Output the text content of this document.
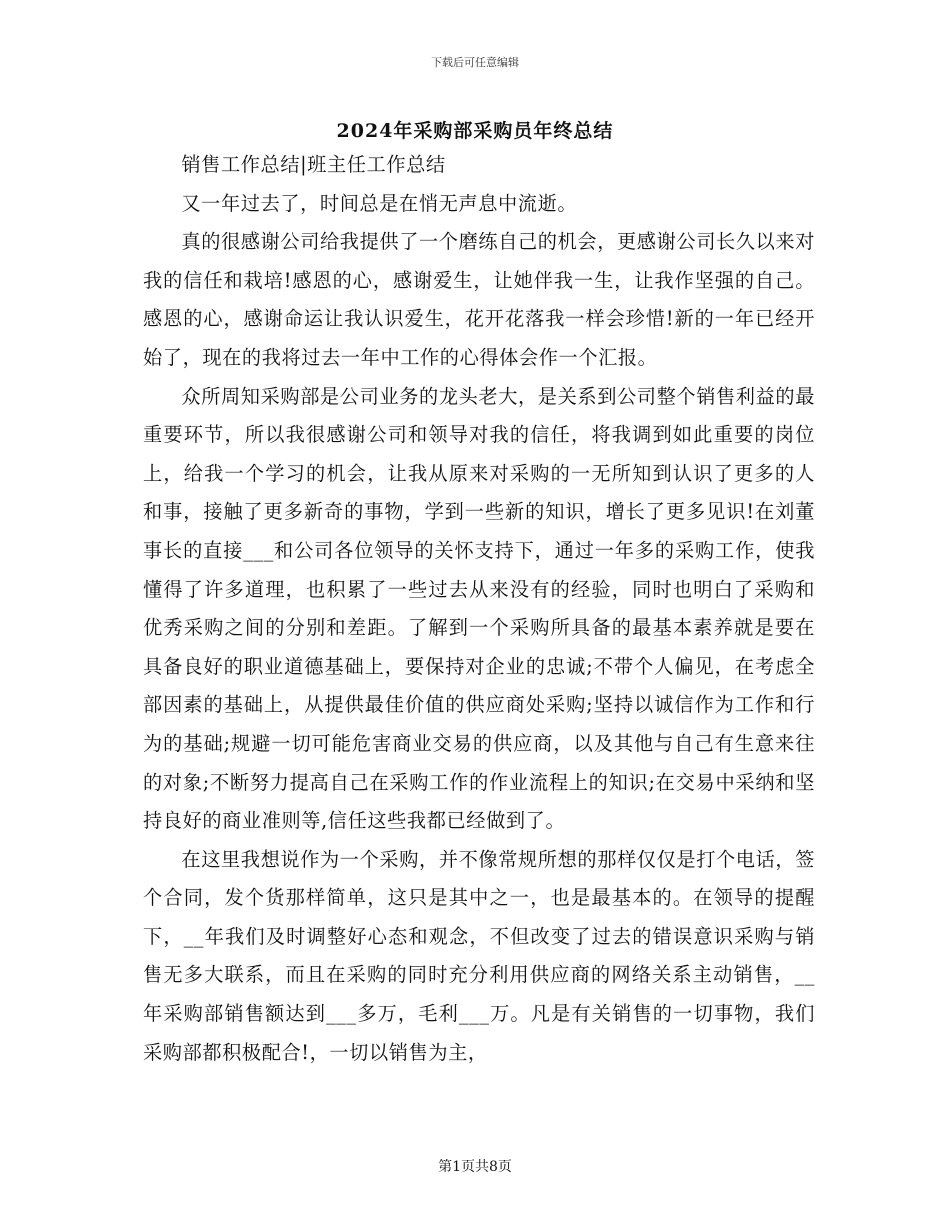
下载后可任意编辑
2024年采购部采购员年终总结

销售工作总结|班主任工作总结

又一年过去了，时间总是在悄无声息中流逝。

真的很感谢公司给我提供了一个磨练自己的机会，更感谢公司长久以来对我的信任和栽培!感恩的心，感谢爱生，让她伴我一生，让我作坚强的自己。感恩的心，感谢命运让我认识爱生，花开花落我一样会珍惜!新的一年已经开始了，现在的我将过去一年中工作的心得体会作一个汇报。

众所周知采购部是公司业务的龙头老大，是关系到公司整个销售利益的最重要环节，所以我很感谢公司和领导对我的信任，将我调到如此重要的岗位上，给我一个学习的机会，让我从原来对采购的一无所知到认识了更多的人和事，接触了更多新奇的事物，学到一些新的知识，增长了更多见识!在刘董事长的直接___和公司各位领导的关怀支持下，通过一年多的采购工作，使我懂得了许多道理，也积累了一些过去从来没有的经验，同时也明白了采购和优秀采购之间的分别和差距。了解到一个采购所具备的最基本素养就是要在具备良好的职业道德基础上，要保持对企业的忠诚;不带个人偏见，在考虑全部因素的基础上，从提供最佳价值的供应商处采购;坚持以诚信作为工作和行为的基础;规避一切可能危害商业交易的供应商，以及其他与自己有生意来往的对象;不断努力提高自己在采购工作的作业流程上的知识;在交易中采纳和坚持良好的商业准则等,信任这些我都已经做到了。

在这里我想说作为一个采购，并不像常规所想的那样仅仅是打个电话，签个合同，发个货那样简单，这只是其中之一，也是最基本的。在领导的提醒下，__年我们及时调整好心态和观念，不但改变了过去的错误意识采购与销售无多大联系，而且在采购的同时充分利用供应商的网络关系主动销售，__年采购部销售额达到___多万，毛利___万。凡是有关销售的一切事物，我们采购部都积极配合!，一切以销售为主，

第1页共8页
